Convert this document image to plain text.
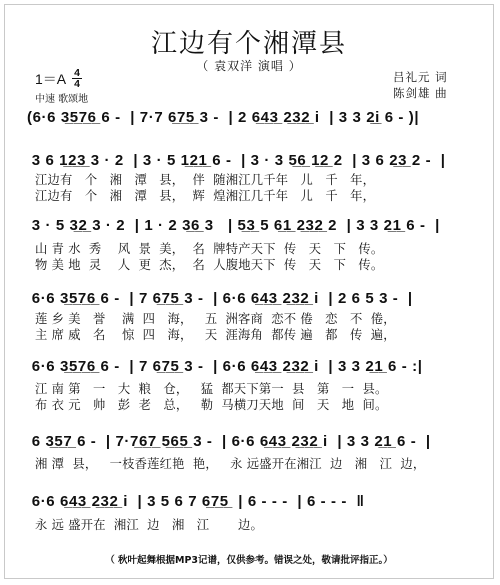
江边有个湘潭县
（ 袁双洋 演唱 ）
吕礼元 词
陈剑雄 曲
1＝A 4
4
中速 歌颂地
(6·6 3̲5̲7̲6̲ 6 -  | 7·7 6̲7̲5̲ 3 -  | 2 6̲4̲3̲ 2̲3̲2̲ i  | 3 3 2̲i̲ 6 - )|
3 6 1̲2̲3̲ 3 · 2  | 3 · 5 1̲2̲1̲ 6 -  | 3 · 3 5̲6̲ 1̲2̲ 2  | 3 6 2̲3̲ 2 -  |
江边有   个   湘   潭   县，  伴  随湘江几千年   儿   千   年，
江边有   个   湘   潭   县，  辉  煌湘江几千年   儿   千   年，
3 · 5 3̲2̲ 3 · 2  | 1 · 2 3̲6̲ 3   | 5̲3̲ 5 6̲1̲ 2̲3̲2̲ 2  | 3 3 2̲1̲ 6 -  |
山 青 水  秀    风  景  美，  名  牌特产天下  传   天   下   传。
物 美 地  灵    人  更  杰，  名  人腹地天下  传   天   下   传。
6·6 3̲5̲7̲6̲ 6 -  | 7 6̲7̲5̲ 3 -  | 6·6 6̲4̲3̲ 2̲3̲2̲ i  | 2 6 5 3 -  |
莲 乡 美   誉    满  四   海，   五  洲客商  恋不 倦   恋   不  倦，
主 席 威   名    惊  四   海，   天  涯海角  都传 遍   都   传  遍，
6·6 3̲5̲7̲6̲ 6 -  | 7 6̲7̲5̲ 3 -  | 6·6 6̲4̲3̲ 2̲3̲2̲ i  | 3 3 2̲1̲ 6 - :|
江 南 第   一   大  粮   仓，   猛  都天下第一  县   第   一  县。
布 衣 元   帅   彭  老   总，   勒  马横刀天地  间   天   地  间。
6 3̲5̲7̲ 6 -  | 7·7̲6̲7̲ 5̲6̲5̲ 3 -  | 6·6 6̲4̲3̲ 2̲3̲2̲ i  | 3 3 2̲1̲ 6 -  |
湘 潭  县，   一枝香莲红艳  艳，   永 远盛开在湘江  边   湘   江  边，
6·6 6̲4̲3̲ 2̲3̲2̲ i  | 3 5 6 7 6̲7̲5̲  | 6 - - -  | 6 - - -  ‖
永 远 盛开在  湘江  边   湘   江       边。
（ 秋叶起舞根据MP3记谱，仅供参考。错误之处，敬请批评指正。）
